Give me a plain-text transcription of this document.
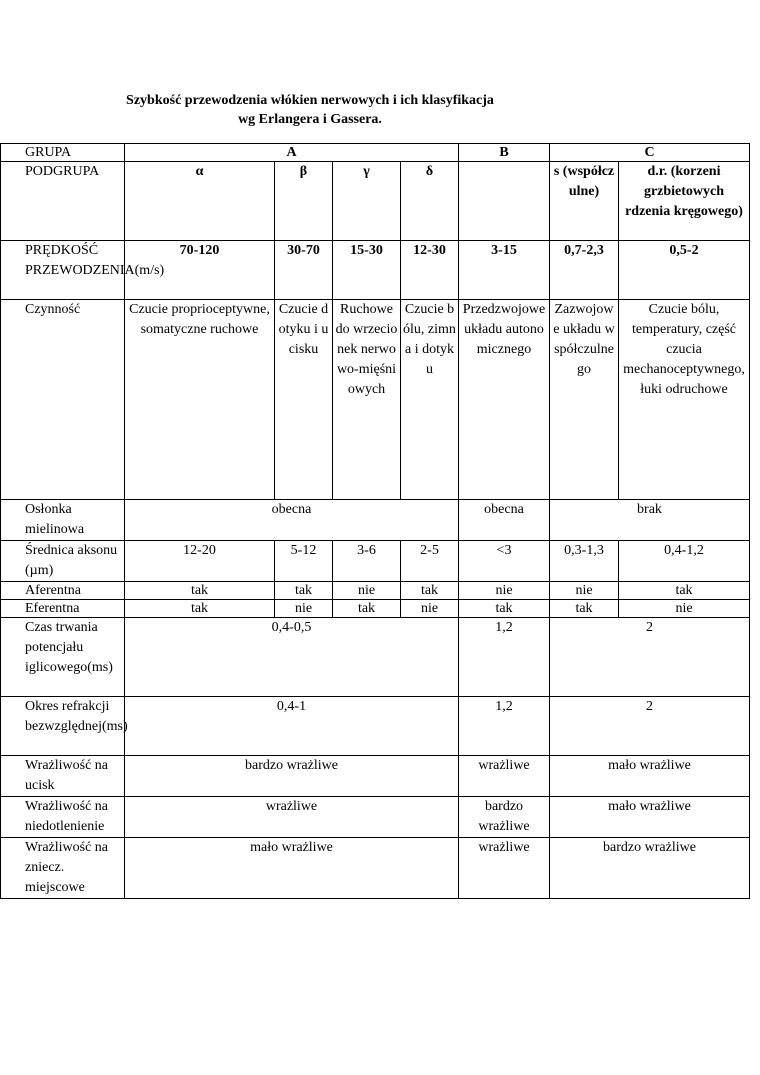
Szybkość przewodzenia włókien nerwowych i ich klasyfikacja
wg Erlangera i Gassera.
GRUPA	A				B	C	
PODGRUPA	α	β	γ	δ		s (współczulne)	d.r. (korzeni grzbietowych rdzenia kręgowego)
PRĘDKOŚĆ PRZEWODZENIA(m/s)	70-120	30-70	15-30	12-30	3-15	0,7-2,3	0,5-2
Czynność	Czucie proprioceptywne, somatyczne ruchowe	Czucie dotyku i ucisku	Ruchowe do wrzecionek nerwowo-mięśniowych	Czucie bólu, zimna i dotyku	Przedzwojowe układu autonomicznego	Zazwojowe układu współczulnego	Czucie bólu, temperatury, część czucia mechanoceptywnego, łuki odruchowe
Osłonka mielinowa	obecna				obecna	brak	
Średnica aksonu (µm)	12-20	5-12	3-6	2-5	<3	0,3-1,3	0,4-1,2
Aferentna	tak	tak	nie	tak	nie	nie	tak
Eferentna	tak	nie	tak	nie	tak	tak	nie
Czas trwania potencjału iglicowego(ms)	0,4-0,5				1,2	2	
Okres refrakcji bezwzględnej(ms)	0,4-1				1,2	2	
Wrażliwość na ucisk	bardzo wrażliwe				wrażliwe	mało wrażliwe	
Wrażliwość na niedotlenienie	wrażliwe				bardzo wrażliwe	mało wrażliwe	
Wrażliwość na zniecz. miejscowe	mało wrażliwe				wrażliwe	bardzo wrażliwe	
